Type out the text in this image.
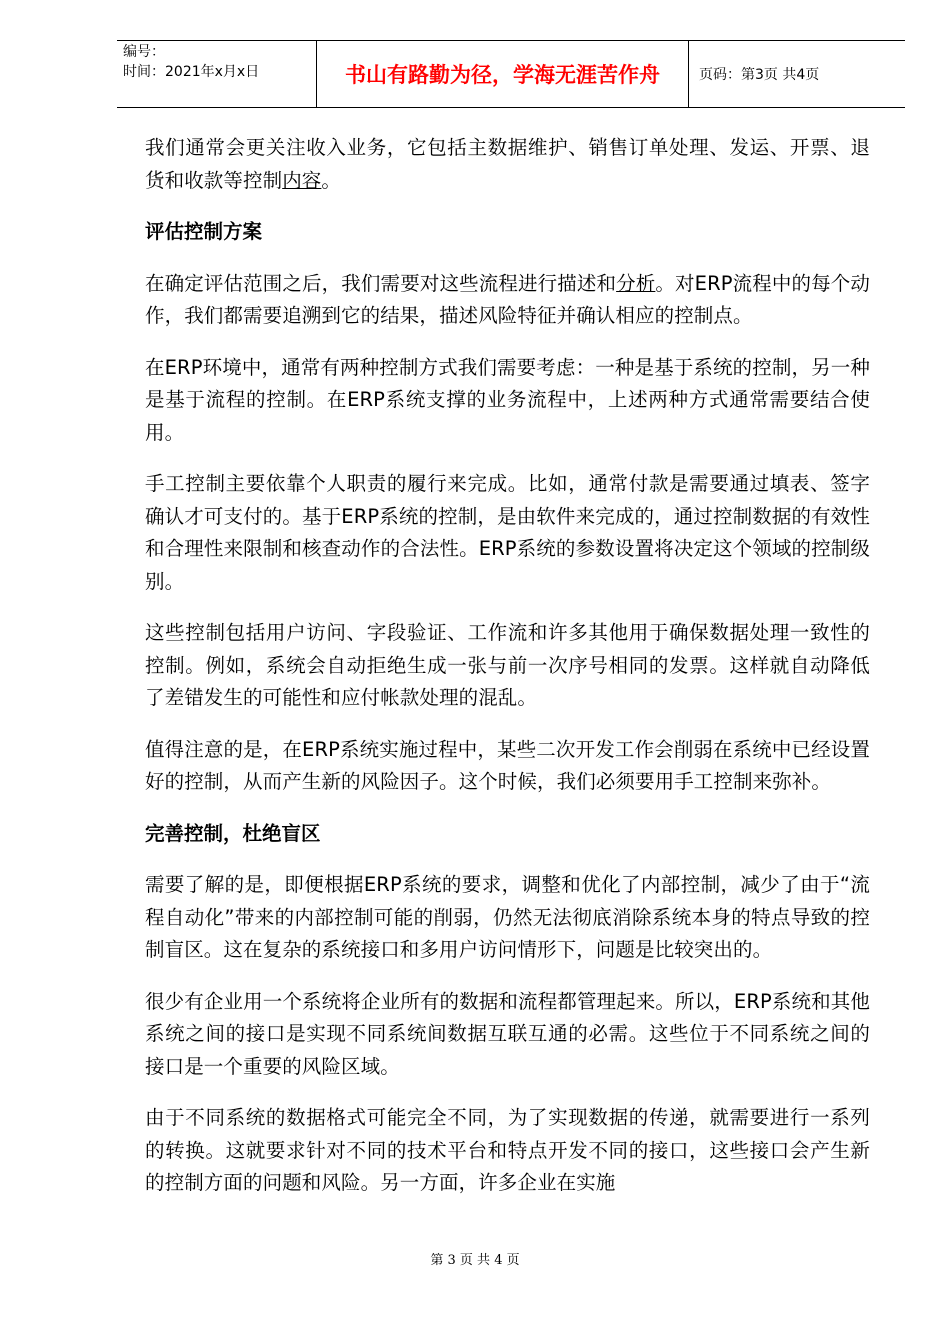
编号：
时间：2021年x月x日	书山有路勤为径，学海无涯苦作舟	页码：第3页 共4页

我们通常会更关注收入业务，它包括主数据维护、销售订单处理、发运、开票、退货和收款等控制内容。

评估控制方案

在确定评估范围之后，我们需要对这些流程进行描述和分析。对ERP流程中的每个动作，我们都需要追溯到它的结果，描述风险特征并确认相应的控制点。

在ERP环境中，通常有两种控制方式我们需要考虑：一种是基于系统的控制，另一种是基于流程的控制。在ERP系统支撑的业务流程中，上述两种方式通常需要结合使用。

手工控制主要依靠个人职责的履行来完成。比如，通常付款是需要通过填表、签字确认才可支付的。基于ERP系统的控制，是由软件来完成的，通过控制数据的有效性和合理性来限制和核查动作的合法性。ERP系统的参数设置将决定这个领域的控制级别。

这些控制包括用户访问、字段验证、工作流和许多其他用于确保数据处理一致性的控制。例如，系统会自动拒绝生成一张与前一次序号相同的发票。这样就自动降低了差错发生的可能性和应付帐款处理的混乱。

值得注意的是，在ERP系统实施过程中，某些二次开发工作会削弱在系统中已经设置好的控制，从而产生新的风险因子。这个时候，我们必须要用手工控制来弥补。

完善控制，杜绝盲区

需要了解的是，即便根据ERP系统的要求，调整和优化了内部控制，减少了由于“流程自动化”带来的内部控制可能的削弱，仍然无法彻底消除系统本身的特点导致的控制盲区。这在复杂的系统接口和多用户访问情形下，问题是比较突出的。

很少有企业用一个系统将企业所有的数据和流程都管理起来。所以，ERP系统和其他系统之间的接口是实现不同系统间数据互联互通的必需。这些位于不同系统之间的接口是一个重要的风险区域。

由于不同系统的数据格式可能完全不同，为了实现数据的传递，就需要进行一系列的转换。这就要求针对不同的技术平台和特点开发不同的接口，这些接口会产生新的控制方面的问题和风险。另一方面，许多企业在实施

第 3 页 共 4 页
